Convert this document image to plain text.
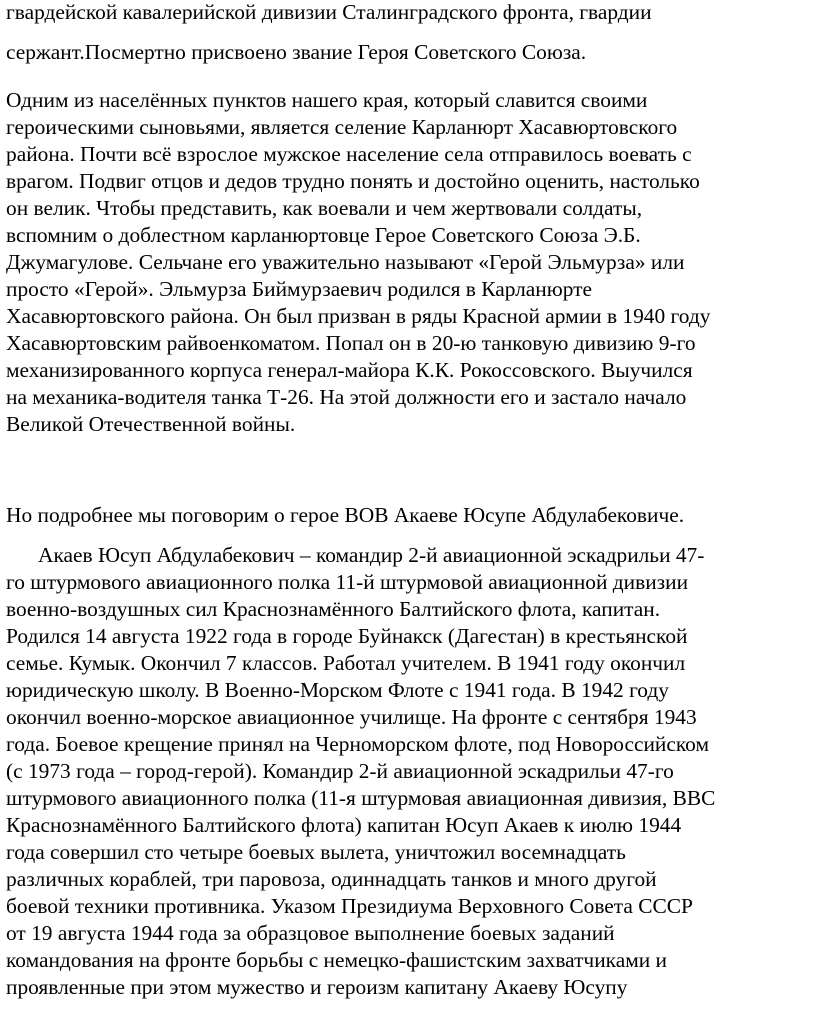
гвардейской кавалерийской дивизии Сталинградского фронта, гвардии
сержант.Посмертно присвоено звание Героя Советского Союза.
Одним из населённых пунктов нашего края, который славится своими
героическими сыновьями, является селение Карланюрт Хасавюртовского
района. Почти всё взрослое мужское население села отправилось воевать с
врагом. Подвиг отцов и дедов трудно понять и достойно оценить, настолько
он велик. Чтобы представить, как воевали и чем жертвовали солдаты,
вспомним о доблестном карланюртовце Герое Советского Союза Э.Б.
Джумагулове. Сельчане его уважительно называют «Герой Эльмурза» или
просто «Герой». Эльмурза Биймурзаевич родился в Карланюрте
Хасавюртовского района. Он был призван в ряды Красной армии в 1940 году
Хасавюртовским райвоенкоматом. Попал он в 20-ю танковую дивизию 9-го
механизированного корпуса генерал-майора К.К. Рокоссовского. Выучился
на механика-водителя танка Т-26. На этой должности его и застало начало
Великой Отечественной войны.
Но подробнее мы поговорим о герое ВОВ Акаеве Юсупе Абдулабековиче.
Акаев Юсуп Абдулабекович – командир 2-й авиационной эскадрильи 47-
го штурмового авиационного полка 11-й штурмовой авиационной дивизии
военно-воздушных сил Краснознамённого Балтийского флота, капитан.
Родился 14 августа 1922 года в городе Буйнакск (Дагестан) в крестьянской
семье. Кумык. Окончил 7 классов. Работал учителем. В 1941 году окончил
юридическую школу. В Военно-Морском Флоте с 1941 года. В 1942 году
окончил военно-морское авиационное училище. На фронте с сентября 1943
года. Боевое крещение принял на Черноморском флоте, под Новороссийском
(с 1973 года – город-герой). Командир 2-й авиационной эскадрильи 47-го
штурмового авиационного полка (11-я штурмовая авиационная дивизия, ВВС
Краснознамённого Балтийского флота) капитан Юсуп Акаев к июлю 1944
года совершил сто четыре боевых вылета, уничтожил восемнадцать
различных кораблей, три паровоза, одиннадцать танков и много другой
боевой техники противника. Указом Президиума Верховного Совета СССР
от 19 августа 1944 года за образцовое выполнение боевых заданий
командования на фронте борьбы с немецко-фашистским захватчиками и
проявленные при этом мужество и героизм капитану Акаеву Юсупу
